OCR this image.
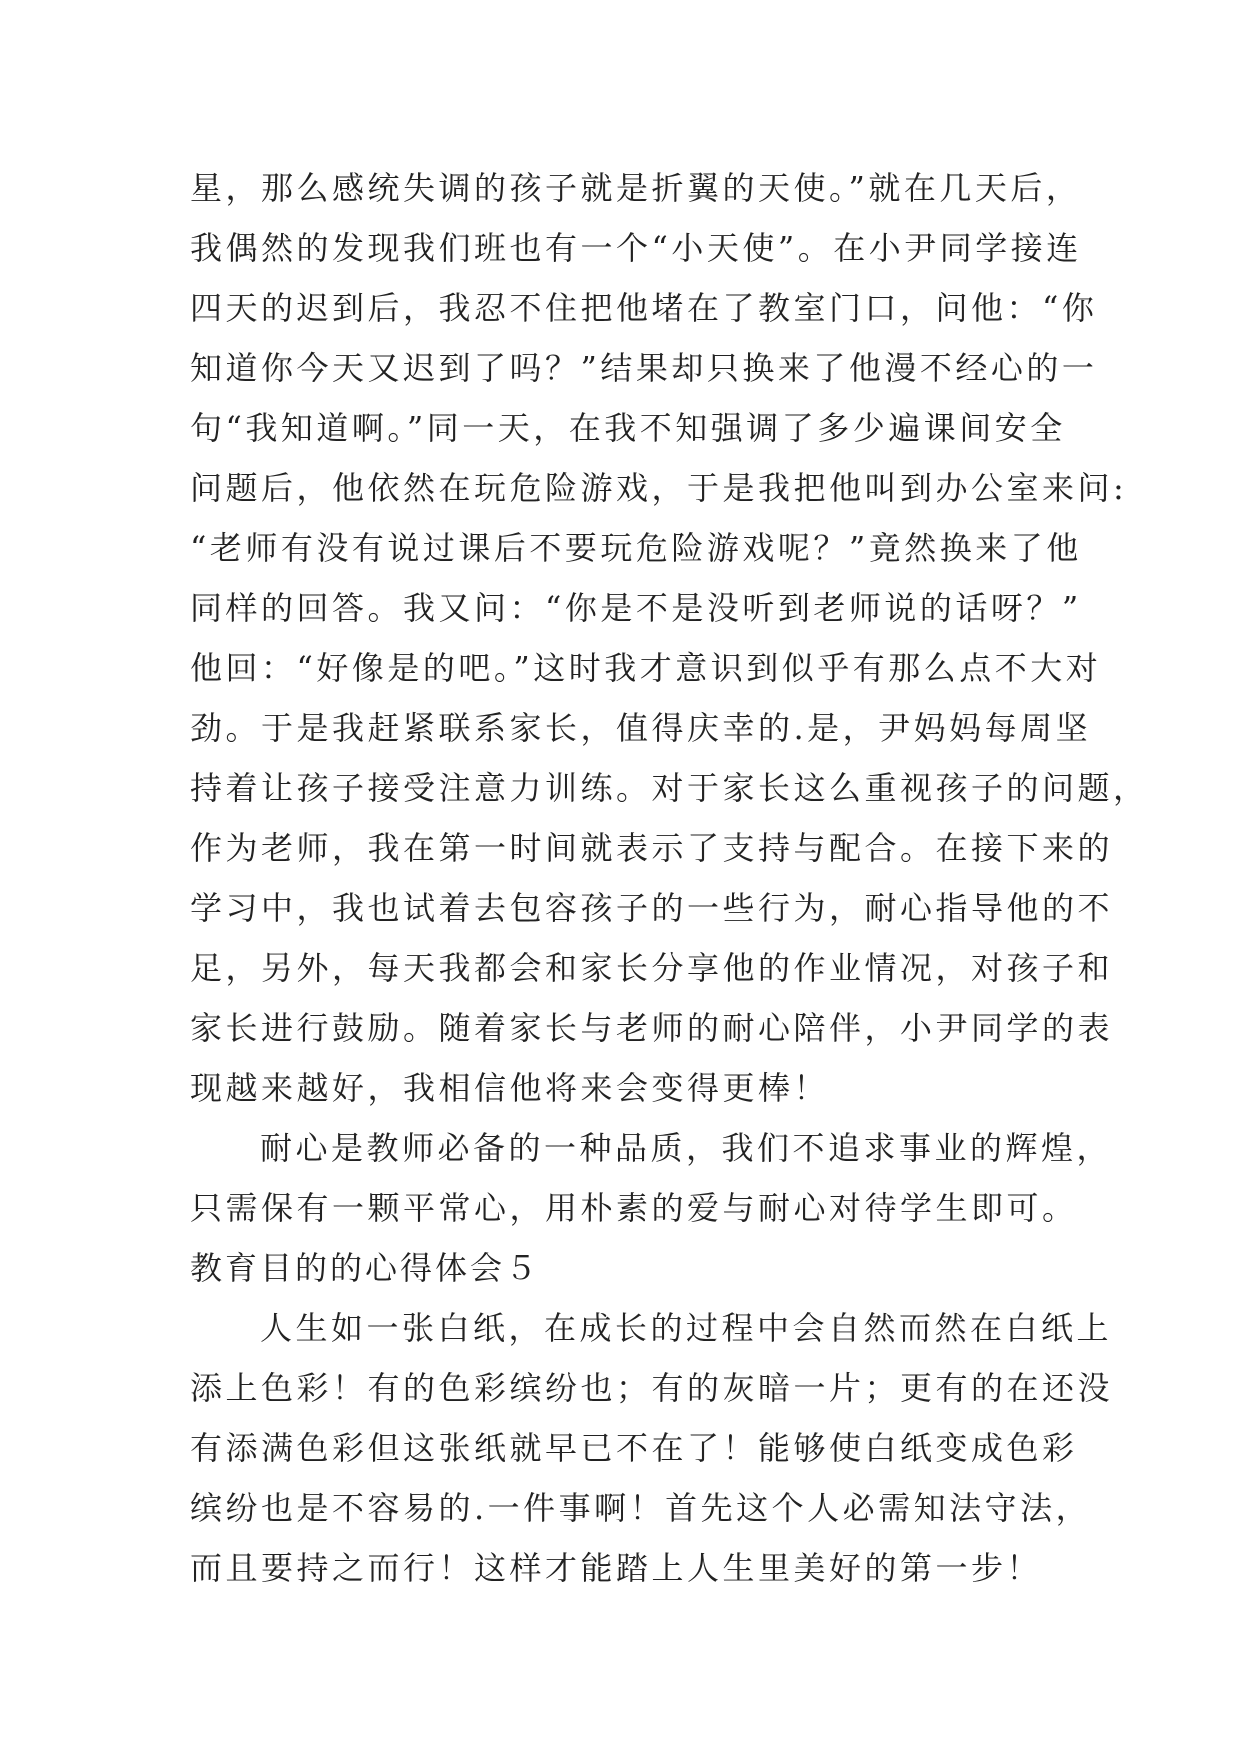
星，那么感统失调的孩子就是折翼的天使。”就在几天后，
我偶然的发现我们班也有一个“小天使”。在小尹同学接连
四天的迟到后，我忍不住把他堵在了教室门口，问他：“你
知道你今天又迟到了吗？”结果却只换来了他漫不经心的一
句“我知道啊。”同一天，在我不知强调了多少遍课间安全
问题后，他依然在玩危险游戏，于是我把他叫到办公室来问:
“老师有没有说过课后不要玩危险游戏呢？”竟然换来了他
同样的回答。我又问：“你是不是没听到老师说的话呀？”
他回：“好像是的吧。”这时我才意识到似乎有那么点不大对
劲。于是我赶紧联系家长，值得庆幸的.是，尹妈妈每周坚
持着让孩子接受注意力训练。对于家长这么重视孩子的问题，
作为老师，我在第一时间就表示了支持与配合。在接下来的
学习中，我也试着去包容孩子的一些行为，耐心指导他的不
足，另外，每天我都会和家长分享他的作业情况，对孩子和
家长进行鼓励。随着家长与老师的耐心陪伴，小尹同学的表
现越来越好，我相信他将来会变得更棒！
耐心是教师必备的一种品质，我们不追求事业的辉煌，
只需保有一颗平常心，用朴素的爱与耐心对待学生即可。
教育目的的心得体会５
人生如一张白纸，在成长的过程中会自然而然在白纸上
添上色彩！有的色彩缤纷也；有的灰暗一片；更有的在还没
有添满色彩但这张纸就早已不在了！能够使白纸变成色彩
缤纷也是不容易的.一件事啊！首先这个人必需知法守法，
而且要持之而行！这样才能踏上人生里美好的第一步！
